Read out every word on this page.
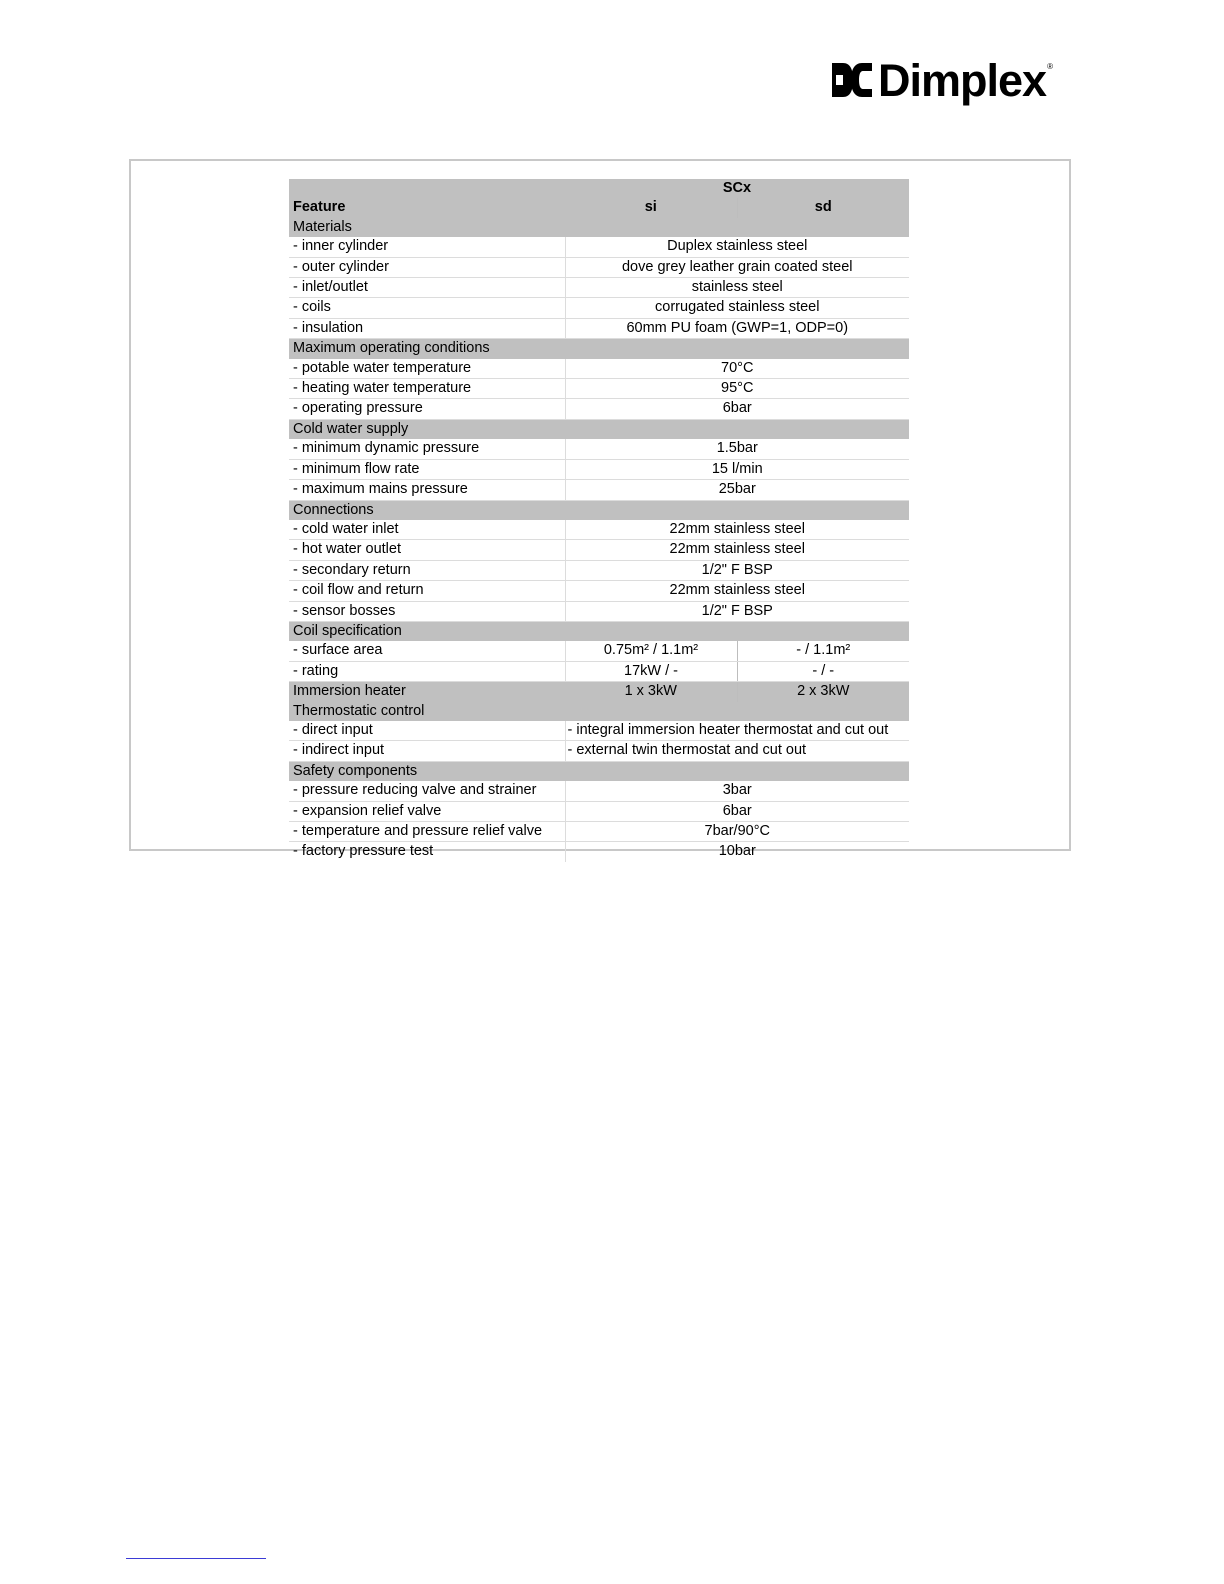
Dimplex ®
	SCx	
Feature	si	sd
Materials		
- inner cylinder	Duplex stainless steel	
- outer cylinder	dove grey leather grain coated steel	
- inlet/outlet	stainless steel	
- coils	corrugated stainless steel	
- insulation	60mm PU foam (GWP=1, ODP=0)	
Maximum operating conditions		
- potable water temperature	70°C	
- heating water temperature	95°C	
- operating pressure	6bar	
Cold water supply		
- minimum dynamic pressure	1.5bar	
- minimum flow rate	15 l/min	
- maximum mains pressure	25bar	
Connections		
- cold water inlet	22mm stainless steel	
- hot water outlet	22mm stainless steel	
- secondary return	1/2" F BSP	
- coil flow and return	22mm stainless steel	
- sensor bosses	1/2" F BSP	
Coil specification		
- surface area	0.75m² / 1.1m²	- / 1.1m²
- rating	17kW / -	- / -
Immersion heater	1 x 3kW	2 x 3kW
Thermostatic control		
- direct input	- integral immersion heater thermostat and cut out	
- indirect input	- external twin thermostat and cut out	
Safety components		
- pressure reducing valve and strainer	3bar	
- expansion relief valve	6bar	
- temperature and pressure relief valve	7bar/90°C	
- factory pressure test	10bar	
